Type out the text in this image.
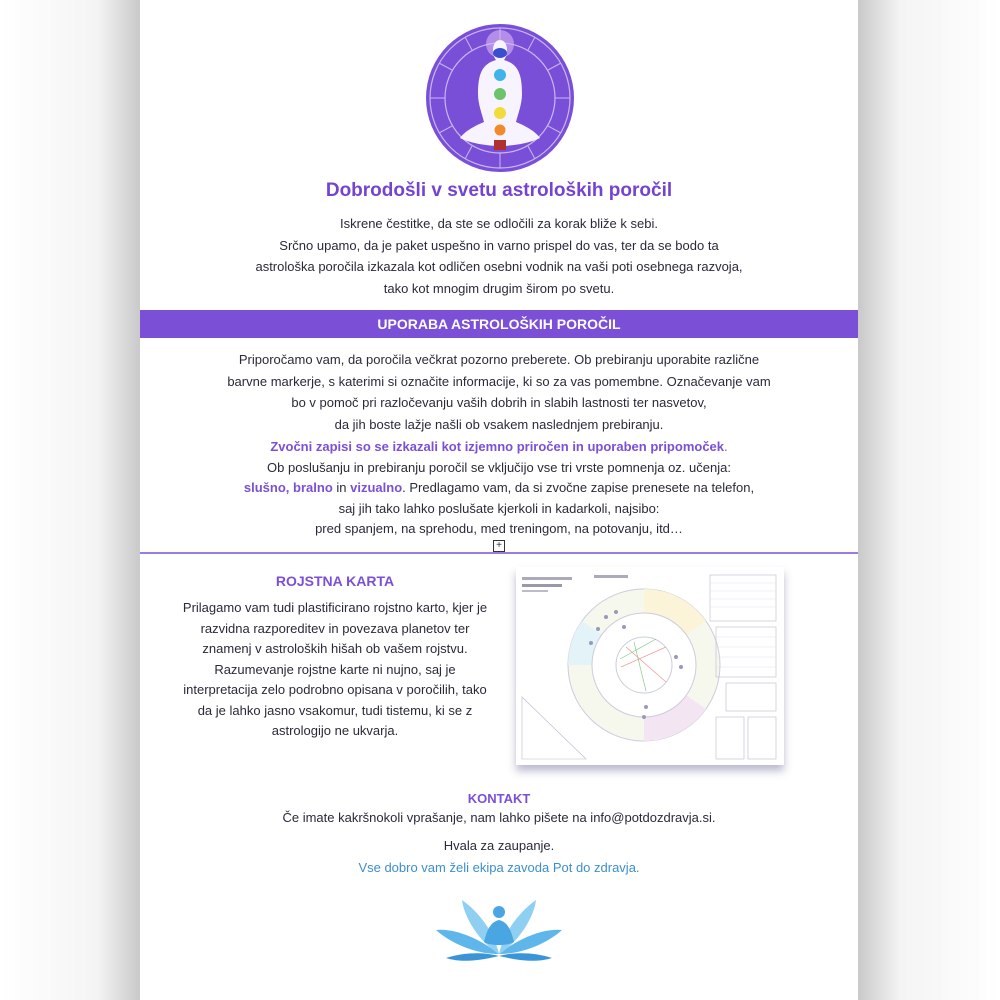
Dobrodošli v svetu astroloških poročil
Iskrene čestitke, da ste se odločili za korak bliže k sebi.
Srčno upamo, da je paket uspešno in varno prispel do vas, ter da se bodo ta
astrološka poročila izkazala kot odličen osebni vodnik na vaši poti osebnega razvoja,
tako kot mnogim drugim širom po svetu.
UPORABA ASTROLOŠKIH POROČIL
Priporočamo vam, da poročila večkrat pozorno preberete. Ob prebiranju uporabite različne
barvne markerje, s katerimi si označite informacije, ki so za vas pomembne. Označevanje vam
bo v pomoč pri razločevanju vaših dobrih in slabih lastnosti ter nasvetov,
da jih boste lažje našli ob vsakem naslednjem prebiranju.
Zvočni zapisi so se izkazali kot izjemno priročen in uporaben pripomoček.
Ob poslušanju in prebiranju poročil se vključijo vse tri vrste pomnenja oz. učenja:
slušno, bralno in vizualno. Predlagamo vam, da si zvočne zapise prenesete na telefon,
saj jih tako lahko poslušate kjerkoli in kadarkoli, najsibo:
pred spanjem, na sprehodu, med treningom, na potovanju, itd…
+
ROJSTNA KARTA
Prilagamo vam tudi plastificirano rojstno karto, kjer je razvidna razporeditev in povezava planetov ter znamenj v astroloških hišah ob vašem rojstvu. Razumevanje rojstne karte ni nujno, saj je interpretacija zelo podrobno opisana v poročilih, tako da je lahko jasno vsakomur, tudi tistemu, ki se z astrologijo ne ukvarja.
KONTAKT
Če imate kakršnokoli vprašanje, nam lahko pišete na info@potdozdravja.si.
Hvala za zaupanje.
Vse dobro vam želi ekipa zavoda Pot do zdravja.
